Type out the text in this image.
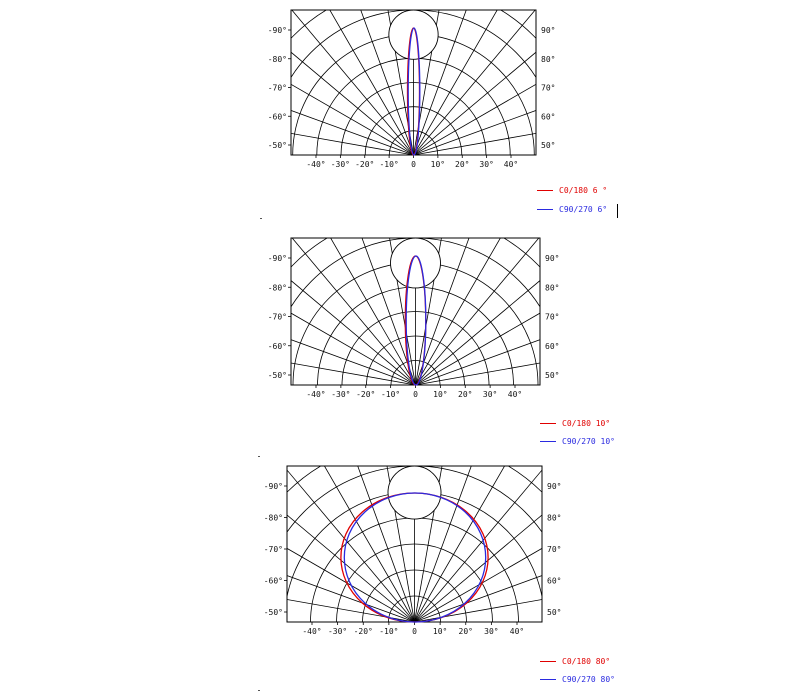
-90°
-80°
-70°
-60°
-50°
90°
80°
70°
60°
50°
-40° -30° -20° -10° 0 10° 20° 30° 40°
C0/180 6 °
C90/270 6°
-90°
-80°
-70°
-60°
-50°
90°
80°
70°
60°
50°
-40° -30° -20° -10° 0 10° 20° 30° 40°
C0/180 10°
C90/270 10°
-90°
-80°
-70°
-60°
-50°
90°
80°
70°
60°
50°
-40° -30° -20° -10° 0 10° 20° 30° 40°
C0/180 80°
C90/270 80°
